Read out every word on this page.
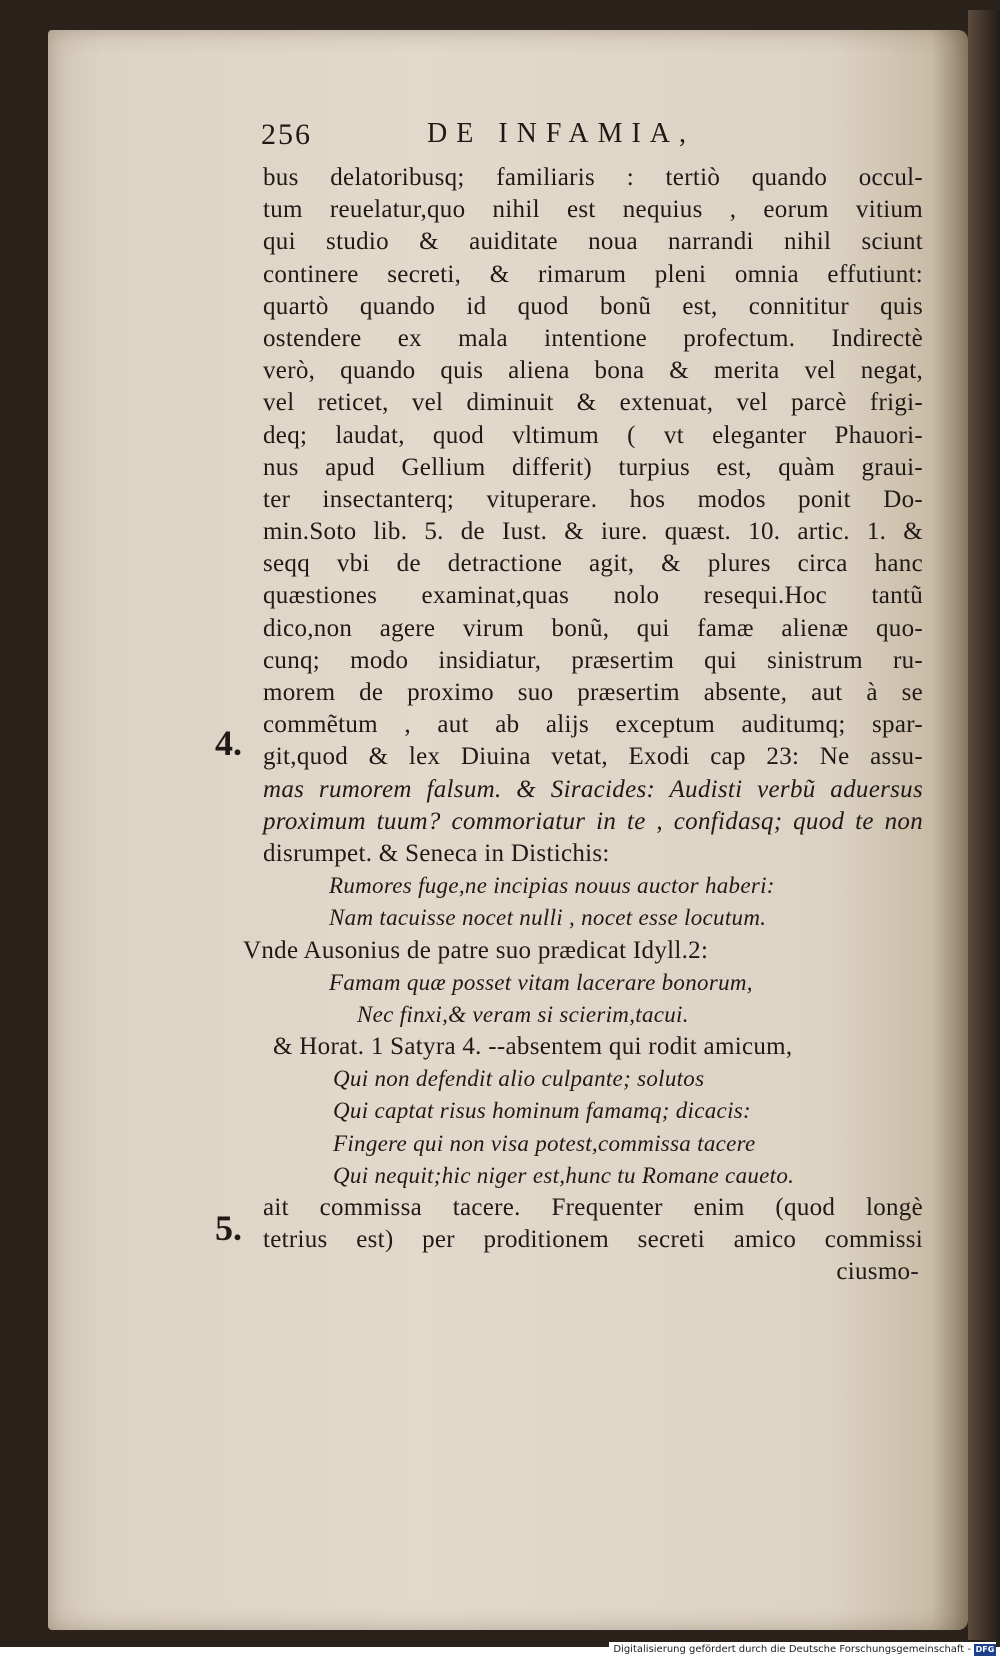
256	DE INFAMIA,
4.
5.
bus delatoribusq; familiaris : tertiò quando occul-
tum reuelatur,quo nihil est nequius , eorum vitium
qui studio & auiditate noua narrandi nihil sciunt
continere secreti, & rimarum pleni omnia effutiunt:
quartò quando id quod bonũ est, connititur quis
ostendere ex mala intentione profectum. Indirectè
verò, quando quis aliena bona & merita vel negat,
vel reticet, vel diminuit & extenuat, vel parcè frigi-
deq; laudat, quod vltimum ( vt eleganter Phauori-
nus apud Gellium differit) turpius est, quàm graui-
ter insectanterq; vituperare. hos modos ponit Do-
min.Soto lib. 5. de Iust. & iure. quæst. 10. artic. 1. &
seqq vbi de detractione agit, & plures circa hanc
quæstiones examinat,quas nolo resequi.Hoc tantũ
dico,non agere virum bonũ, qui famæ alienæ quo-
cunq; modo insidiatur, præsertim qui sinistrum ru-
morem de proximo suo præsertim absente, aut à se
commẽtum , aut ab alijs exceptum auditumq; spar-
git,quod & lex Diuina vetat, Exodi cap 23: Ne assu-
mas rumorem falsum. & Siracides: Audisti verbũ aduersus
proximum tuum? commoriatur in te , confidasq; quod te non
disrumpet. & Seneca in Distichis:
Rumores fuge,ne incipias nouus auctor haberi:
Nam tacuisse nocet nulli , nocet esse locutum.
Vnde Ausonius de patre suo prædicat Idyll.2:
Famam quæ posset vitam lacerare bonorum,
Nec finxi,& veram si scierim,tacui.
& Horat. 1 Satyra 4. --absentem qui rodit amicum,
Qui non defendit alio culpante; solutos
Qui captat risus hominum famamq; dicacis:
Fingere qui non visa potest,commissa tacere
Qui nequit;hic niger est,hunc tu Romane caueto.
ait commissa tacere. Frequenter enim (quod longè
tetrius est) per proditionem secreti amico commissi
ciusmo-
Digitalisierung gefördert durch die Deutsche Forschungsgemeinschaft - DFG
